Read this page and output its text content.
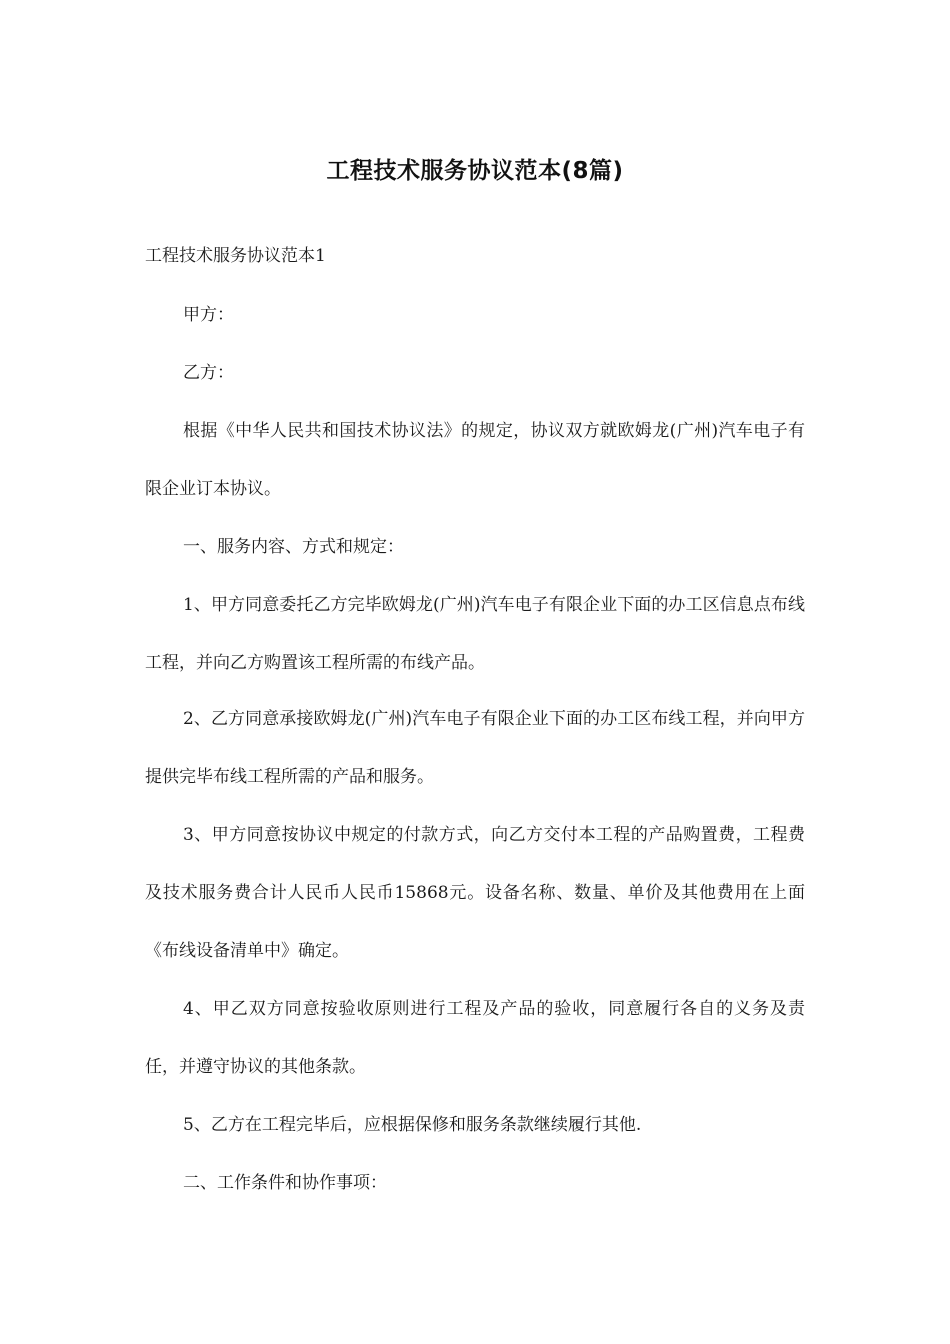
工程技术服务协议范本(8篇)
工程技术服务协议范本1
甲方：
乙方：
根据《中华人民共和国技术协议法》的规定，协议双方就欧姆龙(广州)汽车电子有限企业订本协议。
一、服务内容、方式和规定：
1、甲方同意委托乙方完毕欧姆龙(广州)汽车电子有限企业下面的办工区信息点布线工程，并向乙方购置该工程所需的布线产品。
2、乙方同意承接欧姆龙(广州)汽车电子有限企业下面的办工区布线工程，并向甲方提供完毕布线工程所需的产品和服务。
3、甲方同意按协议中规定的付款方式，向乙方交付本工程的产品购置费，工程费及技术服务费合计人民币人民币15868元。设备名称、数量、单价及其他费用在上面《布线设备清单中》确定。
4、甲乙双方同意按验收原则进行工程及产品的验收，同意履行各自的义务及责任，并遵守协议的其他条款。
5、乙方在工程完毕后，应根据保修和服务条款继续履行其他.
二、工作条件和协作事项：
